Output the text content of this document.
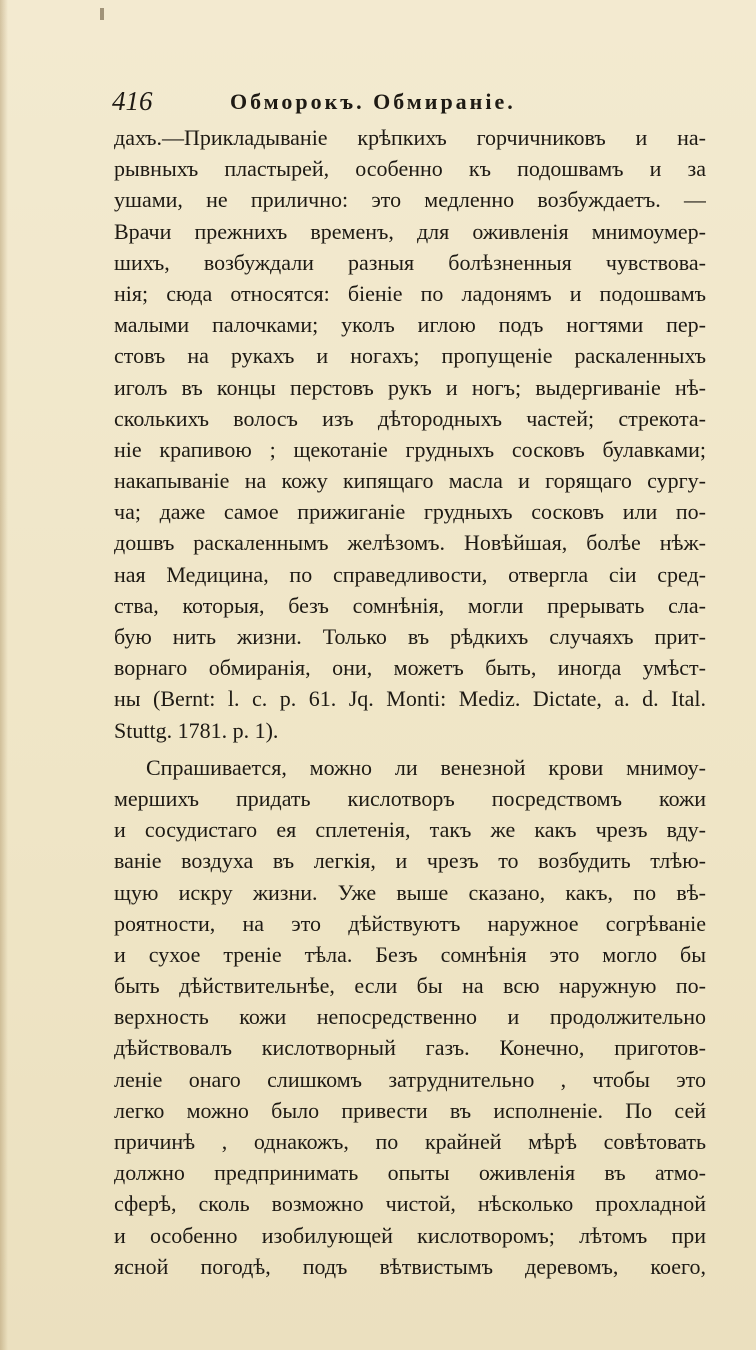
416	Обморокъ. Обмираніе.
дахъ.—Прикладываніе крѣпкихъ горчичниковъ и на-
рывныхъ пластырей, особенно къ подошвамъ и за
ушами, не прилично: это медленно возбуждаетъ. —
Врачи прежнихъ временъ, для оживленія мнимоумер-
шихъ, возбуждали разныя болѣзненныя чувствова-
нія; сюда относятся: біеніе по ладонямъ и подошвамъ
малыми палочками; уколъ иглою подъ ногтями пер-
стовъ на рукахъ и ногахъ; пропущеніе раскаленныхъ
иголъ въ концы перстовъ рукъ и ногъ; выдергиваніе нѣ-
сколькихъ волосъ изъ дѣтородныхъ частей; стрекота-
ніе крапивою ; щекотаніе грудныхъ сосковъ булавками;
накапываніе на кожу кипящаго масла и горящаго сургу-
ча; даже самое прижиганіе грудныхъ сосковъ или по-
дошвъ раскаленнымъ желѣзомъ. Новѣйшая, болѣе нѣж-
ная Медицина, по справедливости, отвергла сіи сред-
ства, которыя, безъ сомнѣнія, могли прерывать сла-
бую нить жизни. Только въ рѣдкихъ случаяхъ прит-
ворнаго обмиранія, они, можетъ быть, иногда умѣст-
ны (Bernt: l. c. p. 61. Jq. Monti: Mediz. Dictate, a. d. Ital.
Stuttg. 1781. p. 1).
Спрашивается, можно ли венезной крови мнимоу-
мершихъ придать кислотворъ посредствомъ кожи
и сосудистаго ея сплетенія, такъ же какъ чрезъ вду-
ваніе воздуха въ легкія, и чрезъ то возбудить тлѣю-
щую искру жизни. Уже выше сказано, какъ, по вѣ-
роятности, на это дѣйствуютъ наружное согрѣваніе
и сухое треніе тѣла. Безъ сомнѣнія это могло бы
быть дѣйствительнѣе, если бы на всю наружную по-
верхность кожи непосредственно и продолжительно
дѣйствовалъ кислотворный газъ. Конечно, приготов-
леніе онаго слишкомъ затруднительно , чтобы это
легко можно было привести въ исполненіе. По сей
причинѣ , однакожъ, по крайней мѣрѣ совѣтовать
должно предпринимать опыты оживленія въ атмо-
сферѣ, сколь возможно чистой, нѣсколько прохладной
и особенно изобилующей кислотворомъ; лѣтомъ при
ясной погодѣ, подъ вѣтвистымъ деревомъ, коего,
